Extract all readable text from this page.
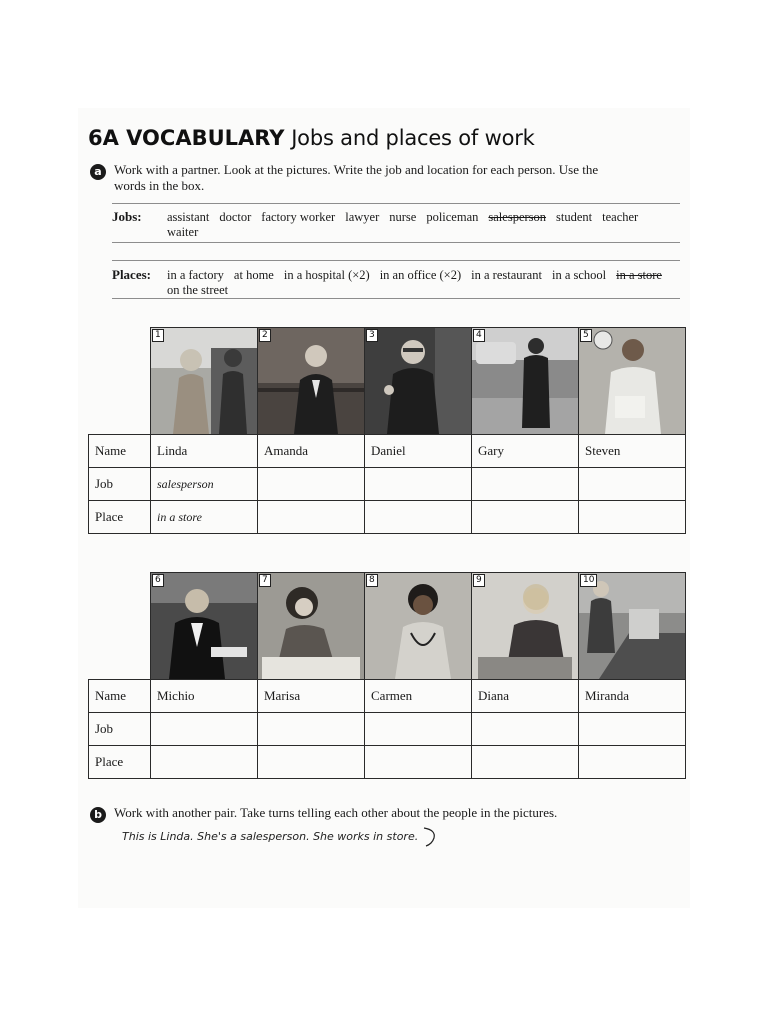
6A VOCABULARY Jobs and places of work
a Work with a partner. Look at the pictures. Write the job and location for each person. Use the
words in the box.
Jobs: assistant doctor factory worker lawyer nurse policeman salesperson student teacherwaiter
Places: in a factory at home in a hospital (×2) in an office (×2) in a restaurant in a school in a storeon the street

	1	2	3	4	5

Name	Linda	Amanda	Daniel	Gary	Steven
Job	salesperson				
Place	in a store				

	6	7	8	9	10

Name	Michio	Marisa	Carmen	Diana	Miranda
Job					
Place					
b Work with another pair. Take turns telling each other about the people in the pictures.
This is Linda. She's a salesperson. She works in store.
